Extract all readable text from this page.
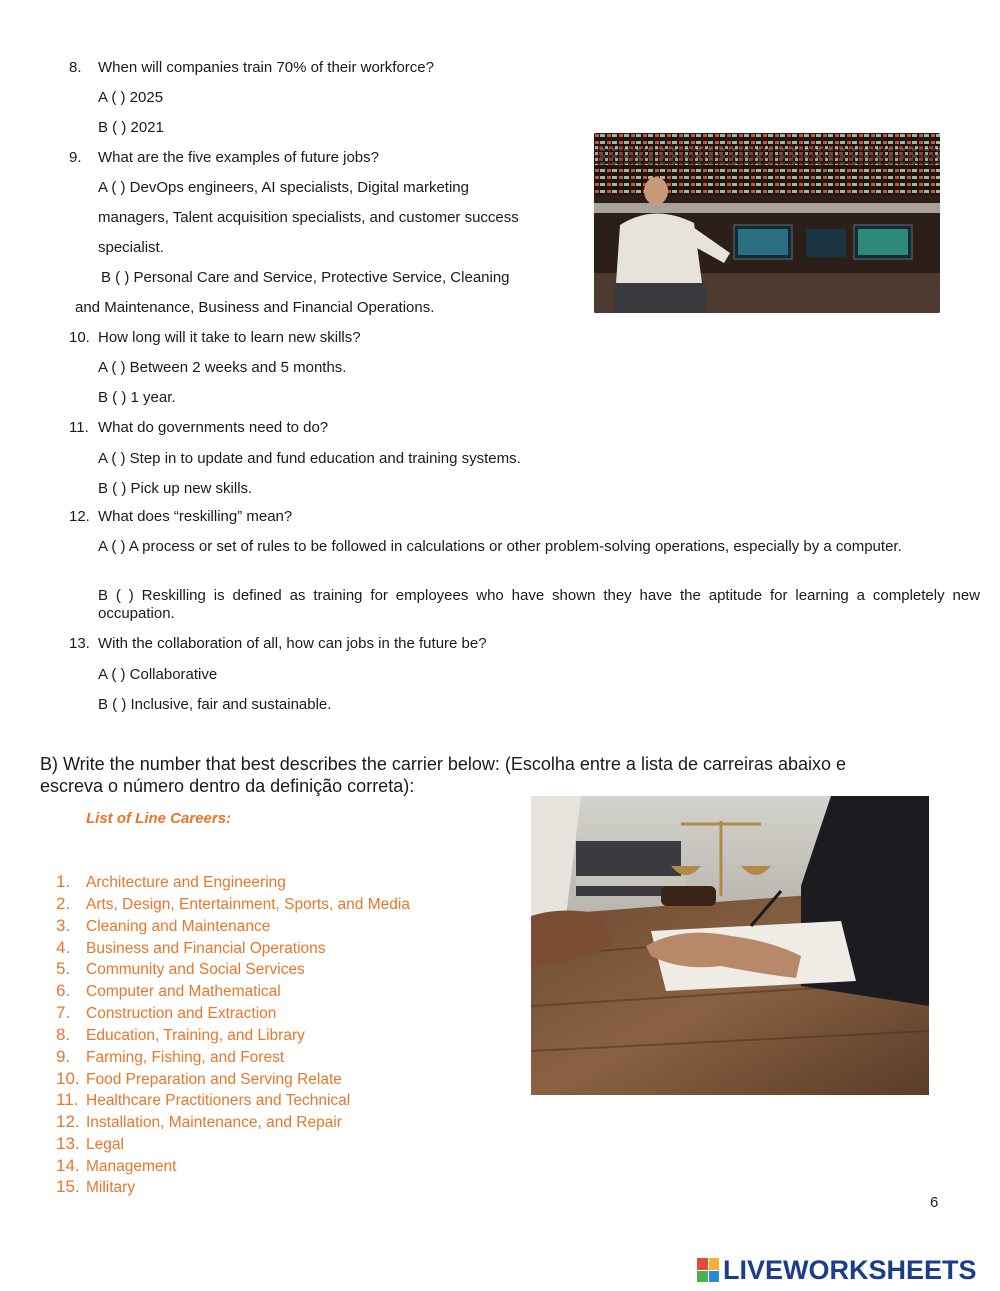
8. When will companies train 70% of their workforce?
A ( ) 2025
B ( ) 2021
9. What are the five examples of future jobs?
A ( ) DevOps engineers, AI specialists, Digital marketing
managers, Talent acquisition specialists, and customer success
specialist.
B ( ) Personal Care and Service, Protective Service, Cleaning
and Maintenance, Business and Financial Operations.
10. How long will it take to learn new skills?
A ( ) Between 2 weeks and 5 months.
B ( ) 1 year.
11. What do governments need to do?
A ( ) Step in to update and fund education and training systems.
B ( ) Pick up new skills.
12. What does “reskilling” mean?
A ( ) A process or set of rules to be followed in calculations or other problem-solving operations, especially by a computer.
B ( ) Reskilling is defined as training for employees who have shown they have the aptitude for learning a completely new occupation.
13. With the collaboration of all, how can jobs in the future be?
A ( ) Collaborative
B ( ) Inclusive, fair and sustainable.
B) Write the number that best describes the carrier below: (Escolha entre a lista de carreiras abaixo e
escreva o número dentro da definição correta):
List of Line Careers:
1. Architecture and Engineering
2. Arts, Design, Entertainment, Sports, and Media
3. Cleaning and Maintenance
4. Business and Financial Operations
5. Community and Social Services
6. Computer and Mathematical
7. Construction and Extraction
8. Education, Training, and Library
9. Farming, Fishing, and Forest
10. Food Preparation and Serving Relate
11. Healthcare Practitioners and Technical
12. Installation, Maintenance, and Repair
13. Legal
14. Management
15. Military
6
LIVEWORKSHEETS
